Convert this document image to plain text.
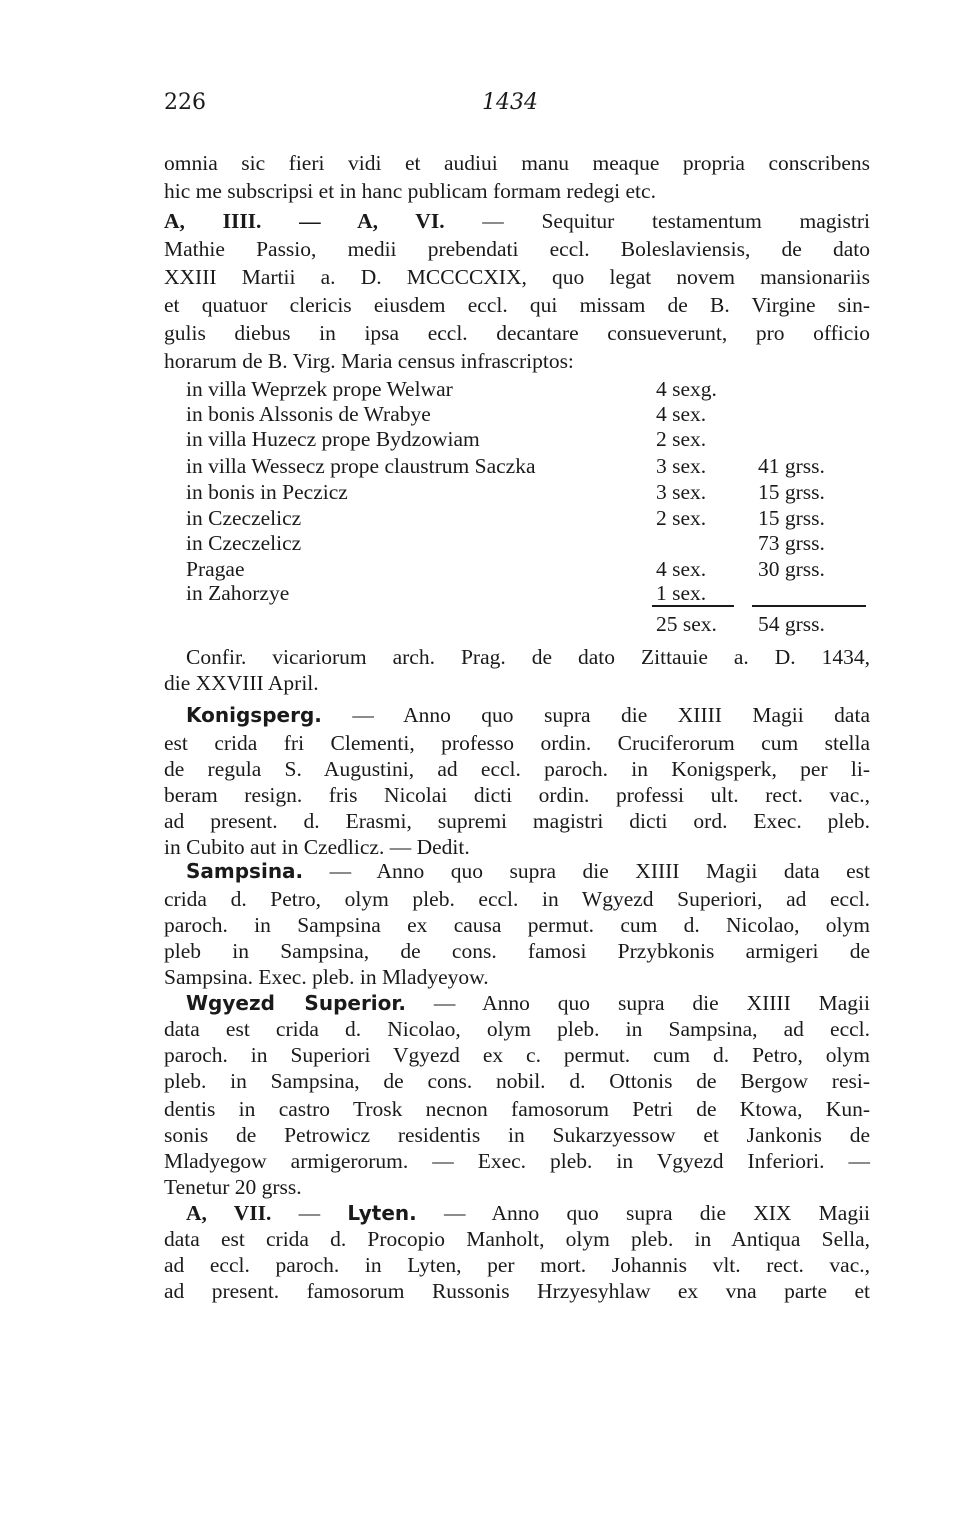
226	1434
omnia sic fieri vidi et audiui manu meaque propria conscribens
hic me subscripsi et in hanc publicam formam redegi etc.
A, IIII. — A, VI. — Sequitur testamentum magistri
Mathie Passio, medii prebendati eccl. Boleslaviensis, de dato
XXIII Martii a. D. MCCCCXIX, quo legat novem mansionariis
et quatuor clericis eiusdem eccl. qui missam de B. Virgine sin-
gulis diebus in ipsa eccl. decantare consueverunt, pro officio
horarum de B. Virg. Maria census infrascriptos:
in villa Weprzek prope Welwar	4 sexg.
in bonis Alssonis de Wrabye	4 sex.
in villa Huzecz prope Bydzowiam	2 sex.
in villa Wessecz prope claustrum Saczka	3 sex. 41 grss.
in bonis in Peczicz	3 sex. 15 grss.
in Czeczelicz	2 sex. 15 grss.
in Czeczelicz	73 grss.
Pragae	4 sex. 30 grss.
in Zahorzye	1 sex.
25 sex. 54 grss.
Confir. vicariorum arch. Prag. de dato Zittauie a. D. 1434,
die XXVIII April.
Konigsperg. — Anno quo supra die XIIII Magii data
est crida fri Clementi, professo ordin. Cruciferorum cum stella
de regula S. Augustini, ad eccl. paroch. in Konigsperk, per li-
beram resign. fris Nicolai dicti ordin. professi ult. rect. vac.,
ad present. d. Erasmi, supremi magistri dicti ord. Exec. pleb.
in Cubito aut in Czedlicz. — Dedit.
Sampsina. — Anno quo supra die XIIII Magii data est
crida d. Petro, olym pleb. eccl. in Wgyezd Superiori, ad eccl.
paroch. in Sampsina ex causa permut. cum d. Nicolao, olym
pleb in Sampsina, de cons. famosi Przybkonis armigeri de
Sampsina. Exec. pleb. in Mladyeyow.
Wgyezd Superior. — Anno quo supra die XIIII Magii
data est crida d. Nicolao, olym pleb. in Sampsina, ad eccl.
paroch. in Superiori Vgyezd ex c. permut. cum d. Petro, olym
pleb. in Sampsina, de cons. nobil. d. Ottonis de Bergow resi-
dentis in castro Trosk necnon famosorum Petri de Ktowa, Kun-
sonis de Petrowicz residentis in Sukarzyessow et Jankonis de
Mladyegow armigerorum. — Exec. pleb. in Vgyezd Inferiori. —
Tenetur 20 grss.
A, VII. — Lyten. — Anno quo supra die XIX Magii
data est crida d. Procopio Manholt, olym pleb. in Antiqua Sella,
ad eccl. paroch. in Lyten, per mort. Johannis vlt. rect. vac.,
ad present. famosorum Russonis Hrzyesyhlaw ex vna parte et
